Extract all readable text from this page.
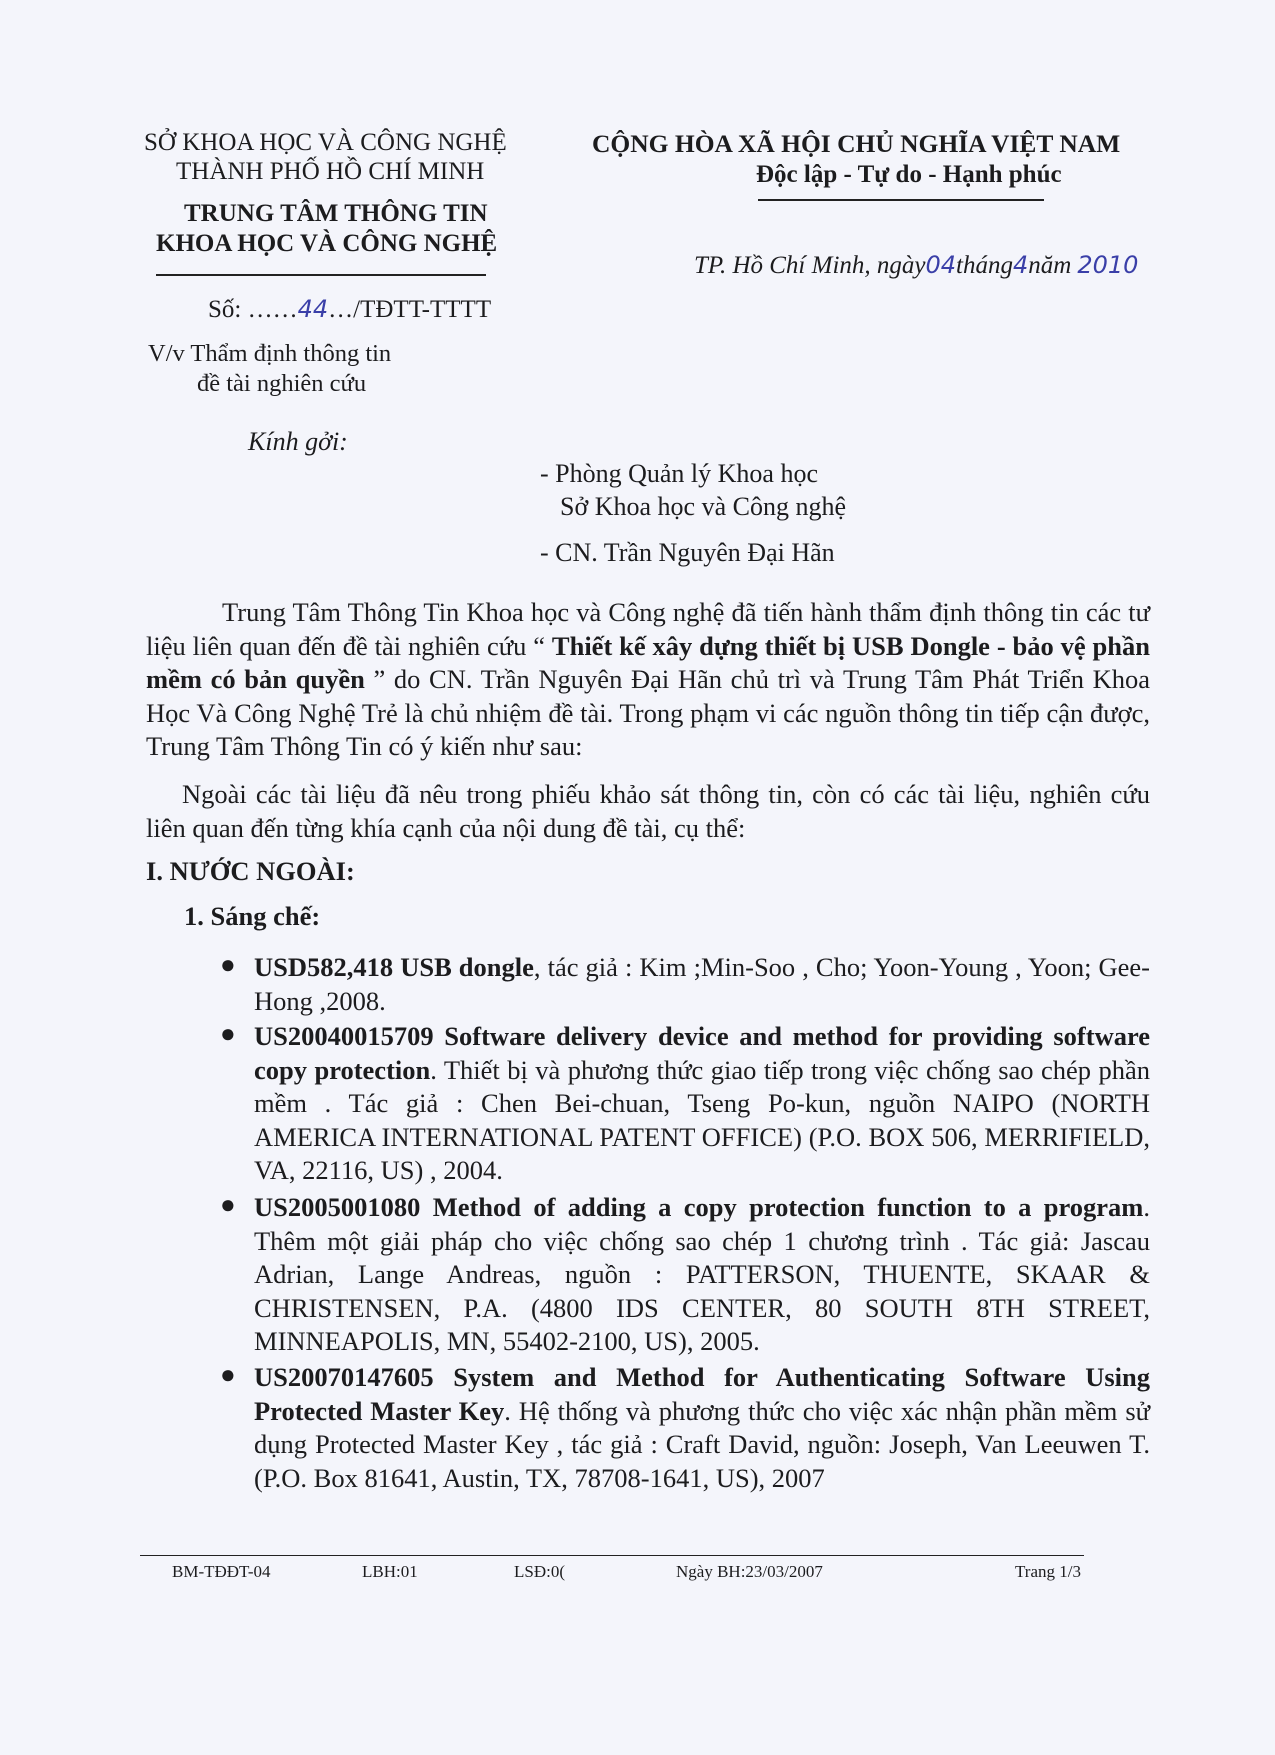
SỞ KHOA HỌC VÀ CÔNG NGHỆ
THÀNH PHỐ HỒ CHÍ MINH
TRUNG TÂM THÔNG TIN
KHOA HỌC VÀ CÔNG NGHỆ
CỘNG HÒA XÃ HỘI CHỦ NGHĨA VIỆT NAM
Độc lập - Tự do - Hạnh phúc
TP. Hồ Chí Minh, ngày04tháng4năm 2010
Số: ……44…/TĐTT-TTTT
V/v Thẩm định thông tin
đề tài nghiên cứu
Kính gởi:
- Phòng Quản lý Khoa học
Sở Khoa học và Công nghệ
- CN. Trần Nguyên Đại Hãn
Trung Tâm Thông Tin Khoa học và Công nghệ đã tiến hành thẩm định thông tin các tư liệu liên quan đến đề tài nghiên cứu “ Thiết kế xây dựng thiết bị USB Dongle - bảo vệ phần mềm có bản quyền ” do CN. Trần Nguyên Đại Hãn chủ trì và Trung Tâm Phát Triển Khoa Học Và Công Nghệ Trẻ là chủ nhiệm đề tài. Trong phạm vi các nguồn thông tin tiếp cận được, Trung Tâm Thông Tin có ý kiến như sau:
Ngoài các tài liệu đã nêu trong phiếu khảo sát thông tin, còn có các tài liệu, nghiên cứu liên quan đến từng khía cạnh của nội dung đề tài, cụ thể:
I. NƯỚC NGOÀI:
1. Sáng chế:
● USD582,418 USB dongle, tác giả : Kim ;Min-Soo , Cho; Yoon-Young , Yoon; Gee-Hong ,2008.
● US20040015709 Software delivery device and method for providing software copy protection. Thiết bị và phương thức giao tiếp trong việc chống sao chép phần mềm . Tác giả : Chen Bei-chuan, Tseng Po-kun, nguồn NAIPO (NORTH AMERICA INTERNATIONAL PATENT OFFICE) (P.O. BOX 506, MERRIFIELD, VA, 22116, US) , 2004.
● US2005001080 Method of adding a copy protection function to a program. Thêm một giải pháp cho việc chống sao chép 1 chương trình . Tác giả: Jascau Adrian, Lange Andreas, nguồn : PATTERSON, THUENTE, SKAAR & CHRISTENSEN, P.A. (4800 IDS CENTER, 80 SOUTH 8TH STREET, MINNEAPOLIS, MN, 55402-2100, US), 2005.
● US20070147605 System and Method for Authenticating Software Using Protected Master Key. Hệ thống và phương thức cho việc xác nhận phần mềm sử dụng Protected Master Key , tác giả : Craft David, nguồn: Joseph, Van Leeuwen T. (P.O. Box 81641, Austin, TX, 78708-1641, US), 2007
BM-TĐĐT-04	LBH:01	LSĐ:0(	Ngày BH:23/03/2007	Trang 1/3
